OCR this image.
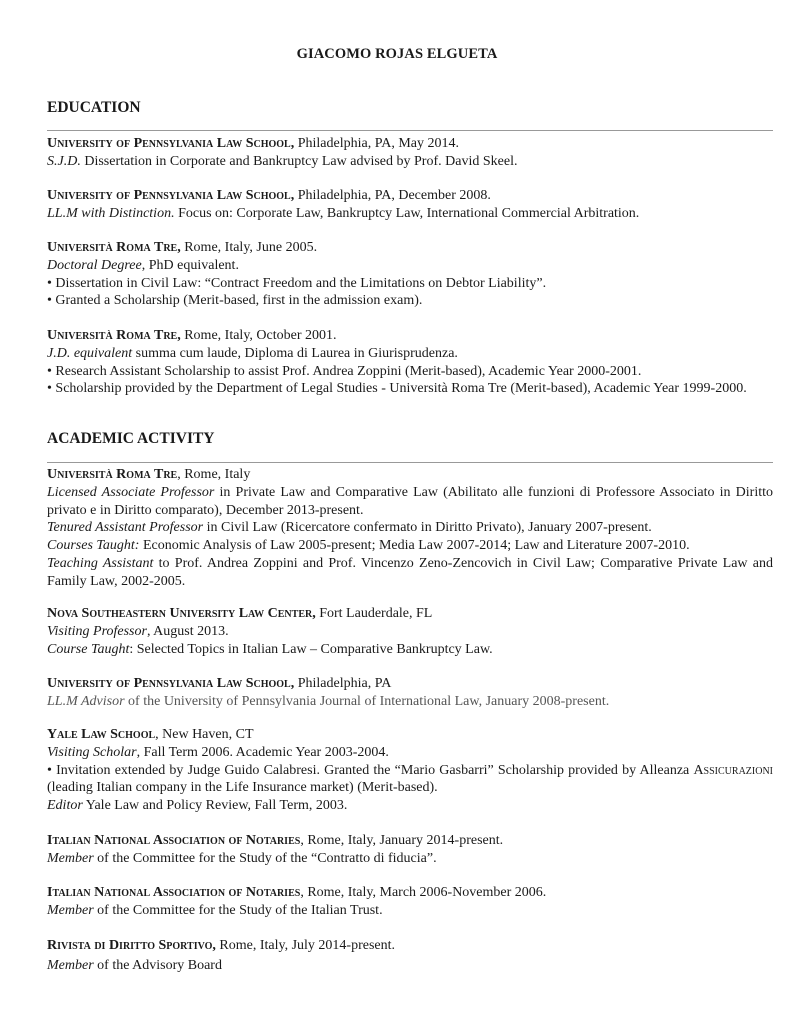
GIACOMO ROJAS ELGUETA
EDUCATION
University of Pennsylvania Law School, Philadelphia, PA, May 2014.
S.J.D. Dissertation in Corporate and Bankruptcy Law advised by Prof. David Skeel.
University of Pennsylvania Law School, Philadelphia, PA, December 2008.
LL.M with Distinction. Focus on: Corporate Law, Bankruptcy Law, International Commercial Arbitration.
Università Roma Tre, Rome, Italy, June 2005.
Doctoral Degree, PhD equivalent.
• Dissertation in Civil Law: “Contract Freedom and the Limitations on Debtor Liability”.
• Granted a Scholarship (Merit-based, first in the admission exam).
Università Roma Tre, Rome, Italy, October 2001.
J.D. equivalent summa cum laude, Diploma di Laurea in Giurisprudenza.
• Research Assistant Scholarship to assist Prof. Andrea Zoppini (Merit-based), Academic Year 2000-2001.
• Scholarship provided by the Department of Legal Studies - Università Roma Tre (Merit-based), Academic Year 1999-2000.
ACADEMIC ACTIVITY
Università Roma Tre, Rome, Italy
Licensed Associate Professor in Private Law and Comparative Law (Abilitato alle funzioni di Professore Associato in Diritto privato e in Diritto comparato), December 2013-present.
Tenured Assistant Professor in Civil Law (Ricercatore confermato in Diritto Privato), January 2007-present.
Courses Taught: Economic Analysis of Law 2005-present; Media Law 2007-2014; Law and Literature 2007-2010.
Teaching Assistant to Prof. Andrea Zoppini and Prof. Vincenzo Zeno-Zencovich in Civil Law; Comparative Private Law and Family Law, 2002-2005.
Nova Southeastern University Law Center, Fort Lauderdale, FL
Visiting Professor, August 2013.
Course Taught: Selected Topics in Italian Law – Comparative Bankruptcy Law.
University of Pennsylvania Law School, Philadelphia, PA
LL.M Advisor of the University of Pennsylvania Journal of International Law, January 2008-present.
Yale Law School, New Haven, CT
Visiting Scholar, Fall Term 2006. Academic Year 2003-2004.
• Invitation extended by Judge Guido Calabresi. Granted the “Mario Gasbarri” Scholarship provided by Alleanza Assicurazioni (leading Italian company in the Life Insurance market) (Merit-based).
Editor Yale Law and Policy Review, Fall Term, 2003.
Italian National Association of Notaries, Rome, Italy, January 2014-present.
Member of the Committee for the Study of the “Contratto di fiducia”.
Italian National Association of Notaries, Rome, Italy, March 2006-November 2006.
Member of the Committee for the Study of the Italian Trust.
Rivista di Diritto Sportivo, Rome, Italy, July 2014-present.
Member of the Advisory Board
